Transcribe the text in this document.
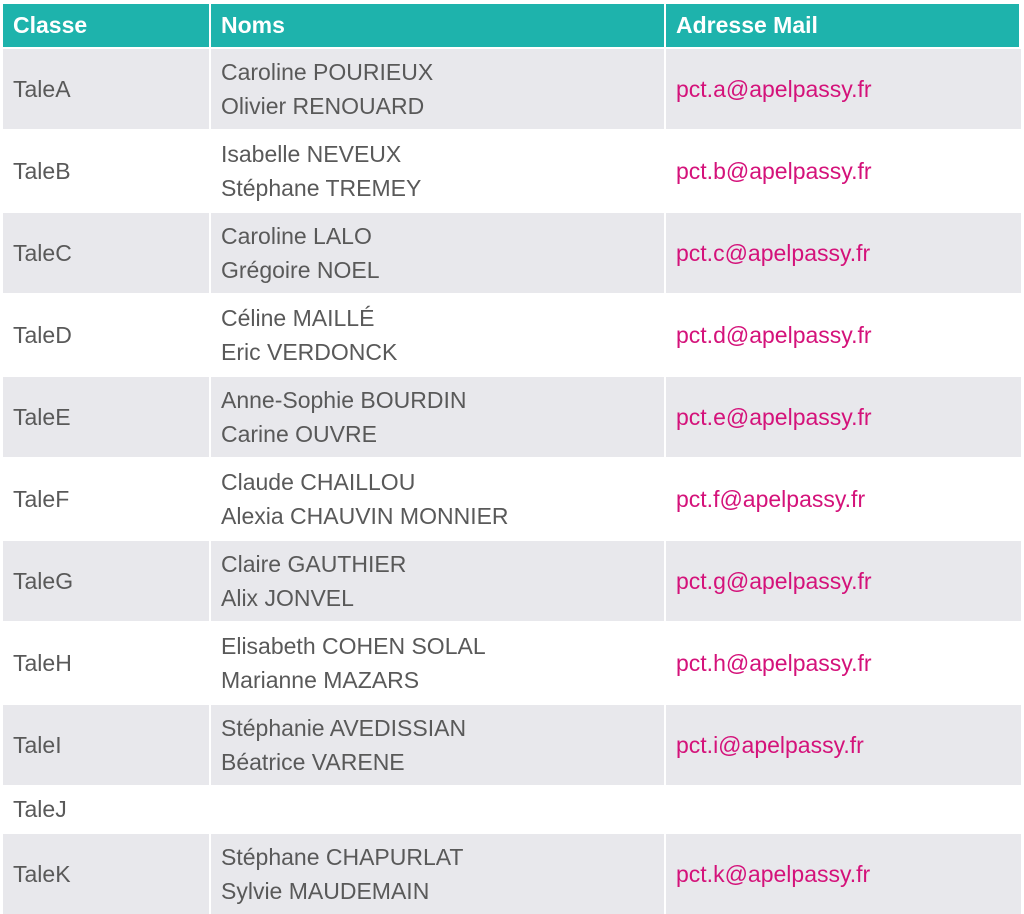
Classe	Noms	Adresse Mail
TaleA
Caroline POURIEUX
Olivier RENOUARD
pct.a@apelpassy.fr
TaleB
Isabelle NEVEUX
Stéphane TREMEY
pct.b@apelpassy.fr
TaleC
Caroline LALO
Grégoire NOEL
pct.c@apelpassy.fr
TaleD
Céline MAILLÉ
Eric VERDONCK
pct.d@apelpassy.fr
TaleE
Anne-Sophie BOURDIN
Carine OUVRE
pct.e@apelpassy.fr
TaleF
Claude CHAILLOU
Alexia CHAUVIN MONNIER
pct.f@apelpassy.fr
TaleG
Claire GAUTHIER
Alix JONVEL
pct.g@apelpassy.fr
TaleH
Elisabeth COHEN SOLAL
Marianne MAZARS
pct.h@apelpassy.fr
TaleI
Stéphanie AVEDISSIAN
Béatrice VARENE
pct.i@apelpassy.fr
TaleJ
TaleK
Stéphane CHAPURLAT
Sylvie MAUDEMAIN
pct.k@apelpassy.fr
